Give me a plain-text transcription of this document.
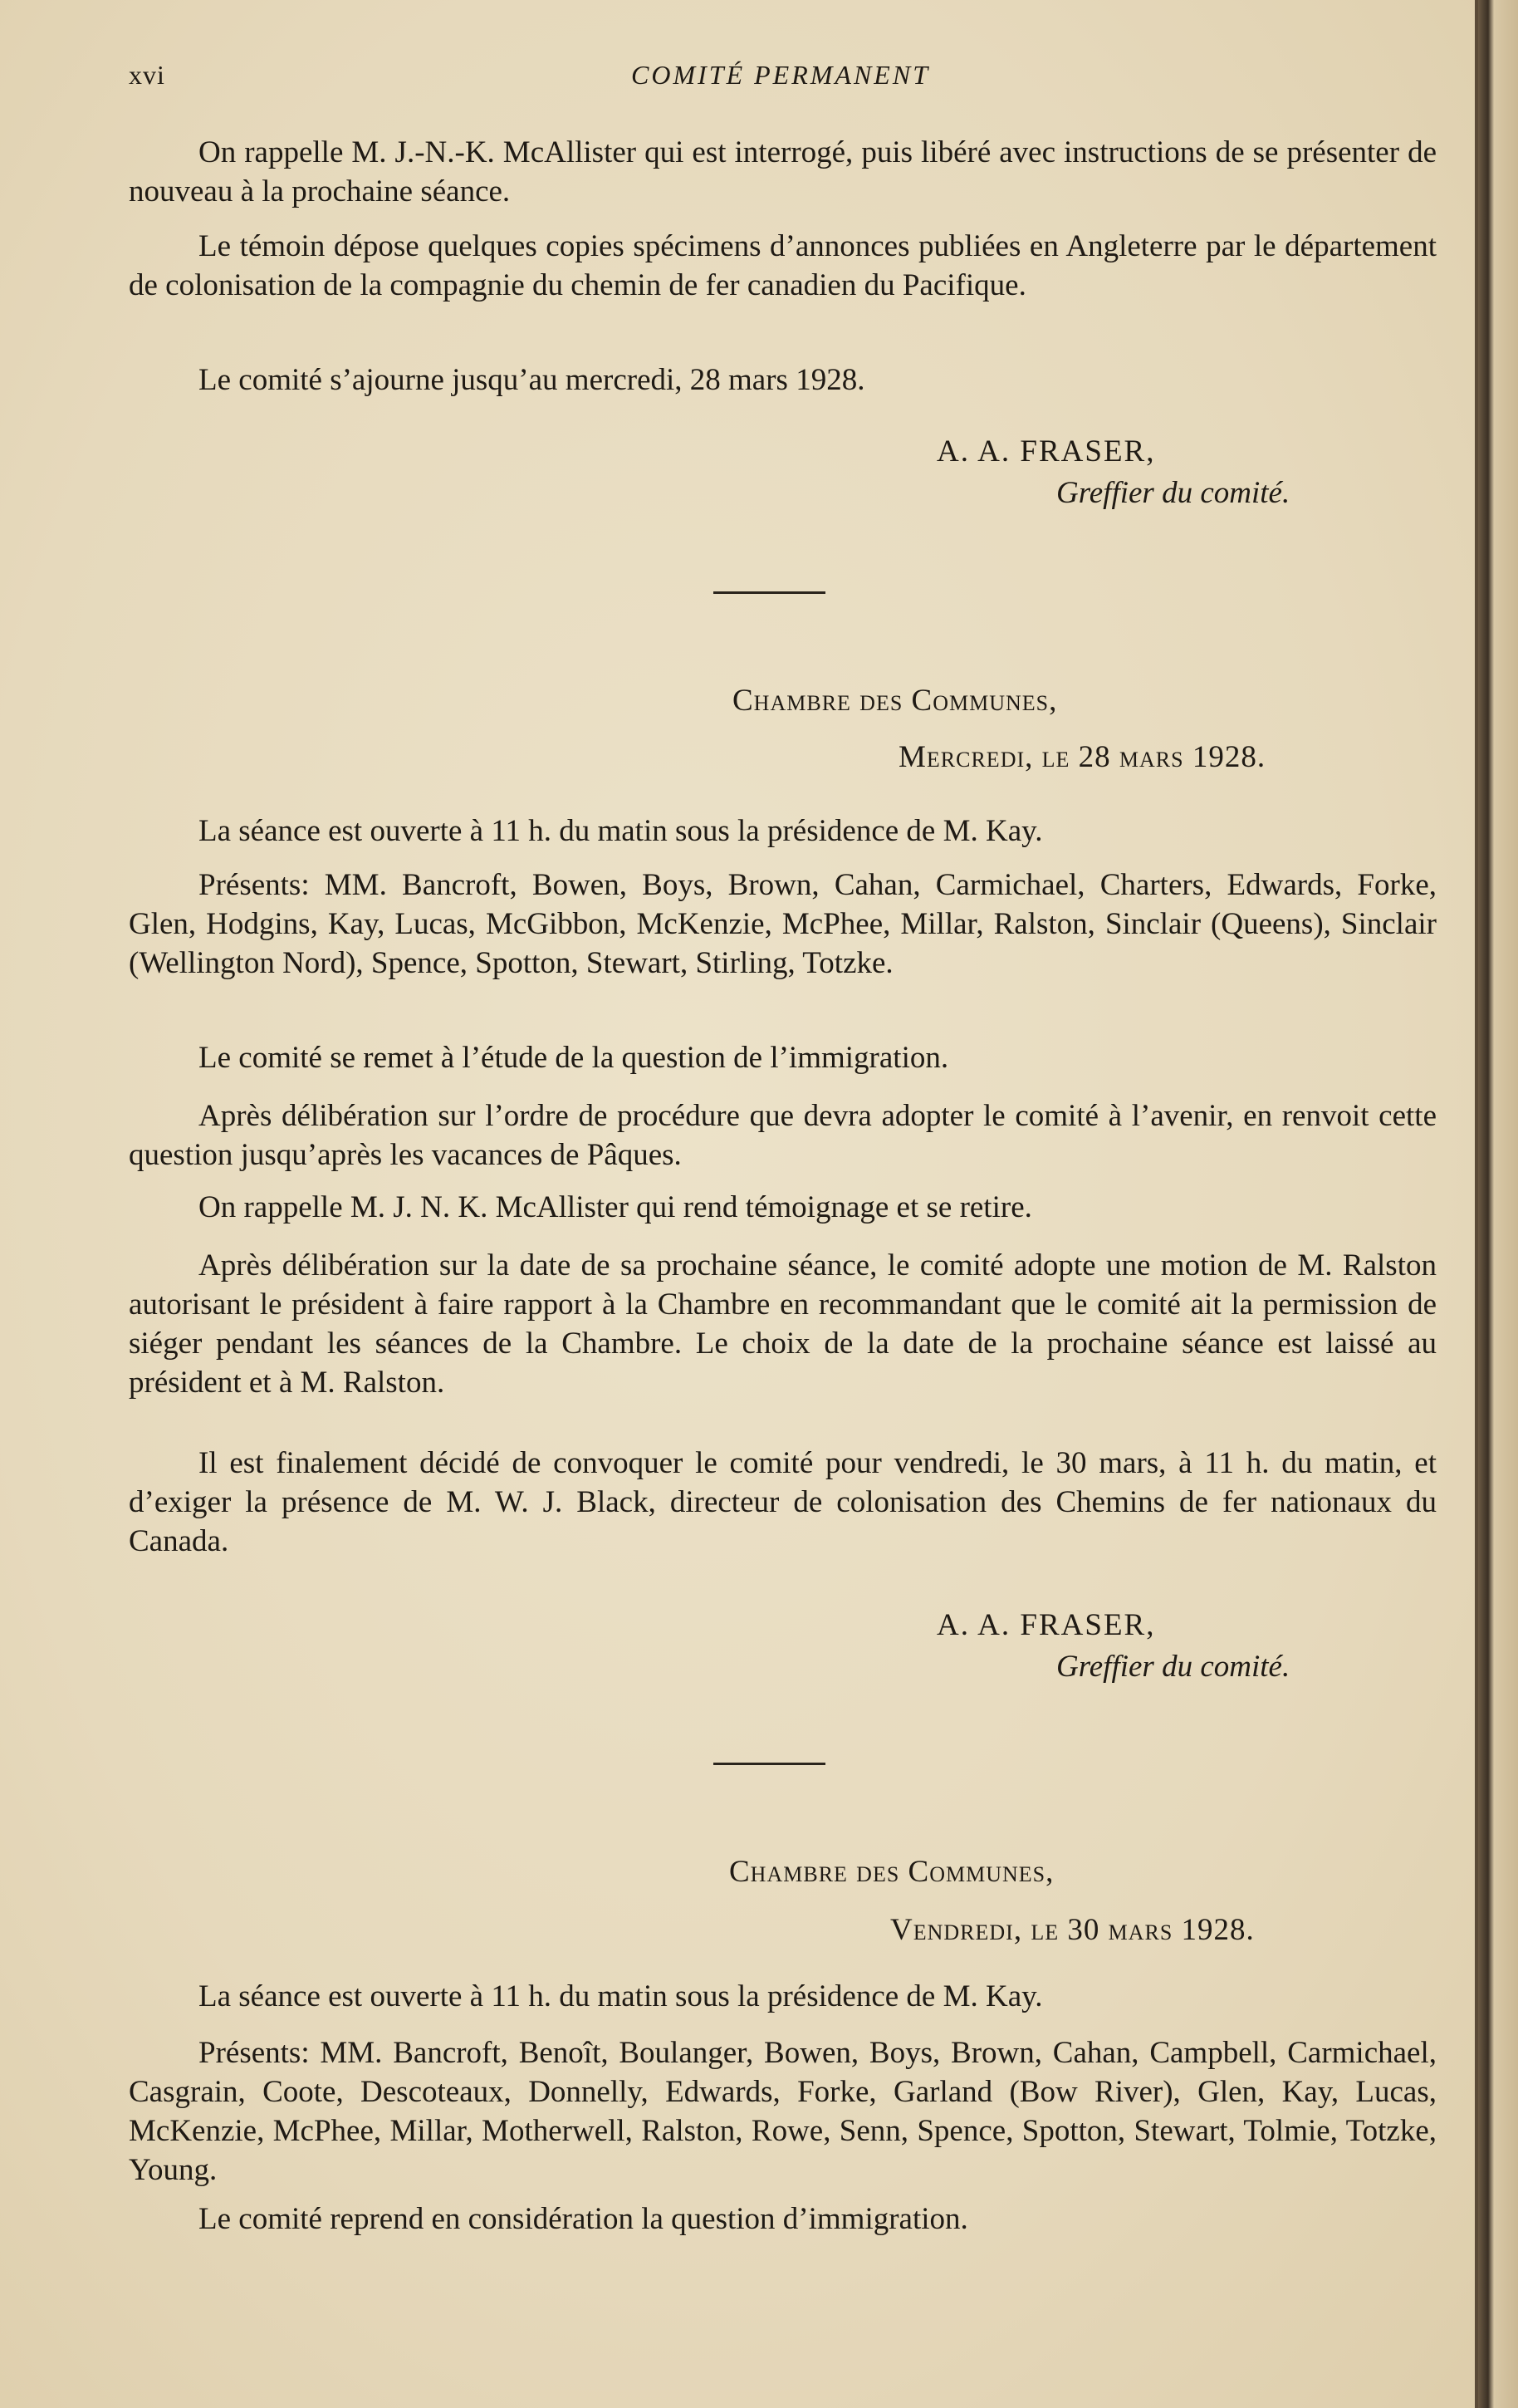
xvi	COMITÉ PERMANENT

On rappelle M. J.-N.-K. McAllister qui est interrogé, puis libéré avec instructions de se présenter de nouveau à la prochaine séance.

Le témoin dépose quelques copies spécimens d’annonces publiées en Angleterre par le département de colonisation de la compagnie du chemin de fer canadien du Pacifique.

Le comité s’ajourne jusqu’au mercredi, 28 mars 1928.

A. A. FRASER,
Greffier du comité.
Chambre des Communes,
Mercredi, le 28 mars 1928.

La séance est ouverte à 11 h. du matin sous la présidence de M. Kay.

Présents: MM. Bancroft, Bowen, Boys, Brown, Cahan, Carmichael, Charters, Edwards, Forke, Glen, Hodgins, Kay, Lucas, McGibbon, McKenzie, McPhee, Millar, Ralston, Sinclair (Queens), Sinclair (Wellington Nord), Spence, Spotton, Stewart, Stirling, Totzke.

Le comité se remet à l’étude de la question de l’immigration.

Après délibération sur l’ordre de procédure que devra adopter le comité à l’avenir, en renvoit cette question jusqu’après les vacances de Pâques.

On rappelle M. J. N. K. McAllister qui rend témoignage et se retire.

Après délibération sur la date de sa prochaine séance, le comité adopte une motion de M. Ralston autorisant le président à faire rapport à la Chambre en recommandant que le comité ait la permission de siéger pendant les séances de la Chambre. Le choix de la date de la prochaine séance est laissé au président et à M. Ralston.

Il est finalement décidé de convoquer le comité pour vendredi, le 30 mars, à 11 h. du matin, et d’exiger la présence de M. W. J. Black, directeur de colonisation des Chemins de fer nationaux du Canada.

A. A. FRASER,
Greffier du comité.
Chambre des Communes,
Vendredi, le 30 mars 1928.

La séance est ouverte à 11 h. du matin sous la présidence de M. Kay.

Présents: MM. Bancroft, Benoît, Boulanger, Bowen, Boys, Brown, Cahan, Campbell, Carmichael, Casgrain, Coote, Descoteaux, Donnelly, Edwards, Forke, Garland (Bow River), Glen, Kay, Lucas, McKenzie, McPhee, Millar, Motherwell, Ralston, Rowe, Senn, Spence, Spotton, Stewart, Tolmie, Totzke, Young.

Le comité reprend en considération la question d’immigration.
